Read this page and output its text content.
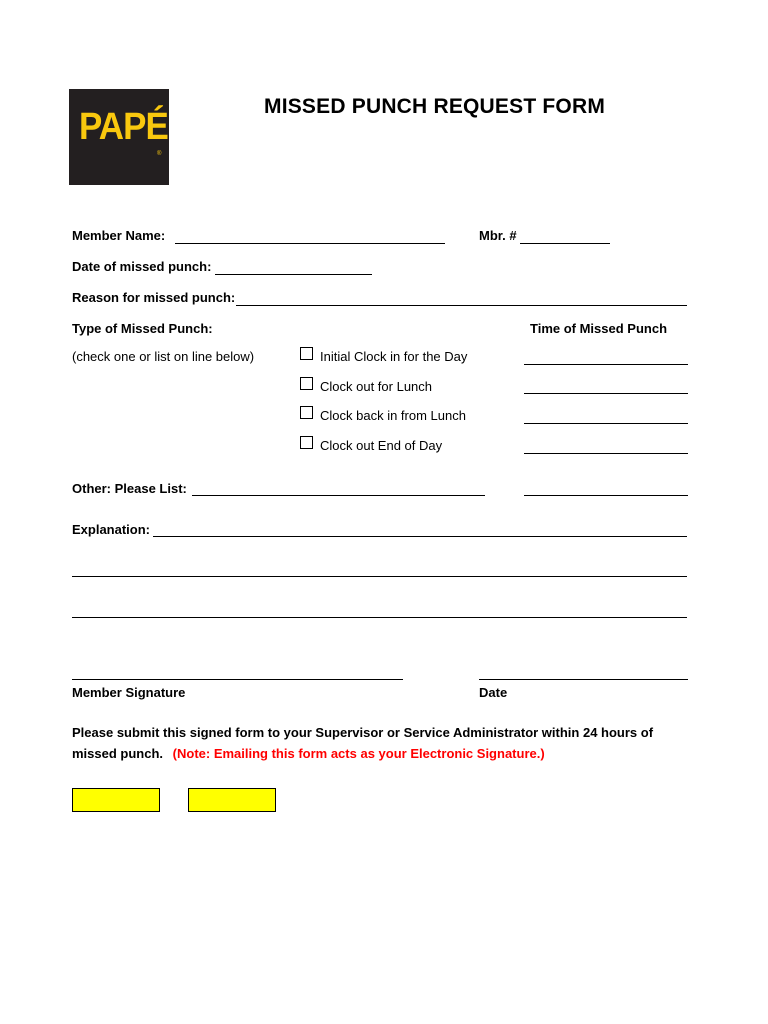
PAPÉ
®
MISSED PUNCH REQUEST FORM
Member Name:	Mbr. #
Date of missed punch:
Reason for missed punch:
Type of Missed Punch:	Time of Missed Punch
(check one or list on line below)	Initial Clock in for the Day
Clock out for Lunch
Clock back in from Lunch
Clock out End of Day
Other: Please List:
Explanation:
Member Signature	Date
Please submit this signed form to your Supervisor or Service Administrator within 24 hours of
missed punch. (Note: Emailing this form acts as your Electronic Signature.)
